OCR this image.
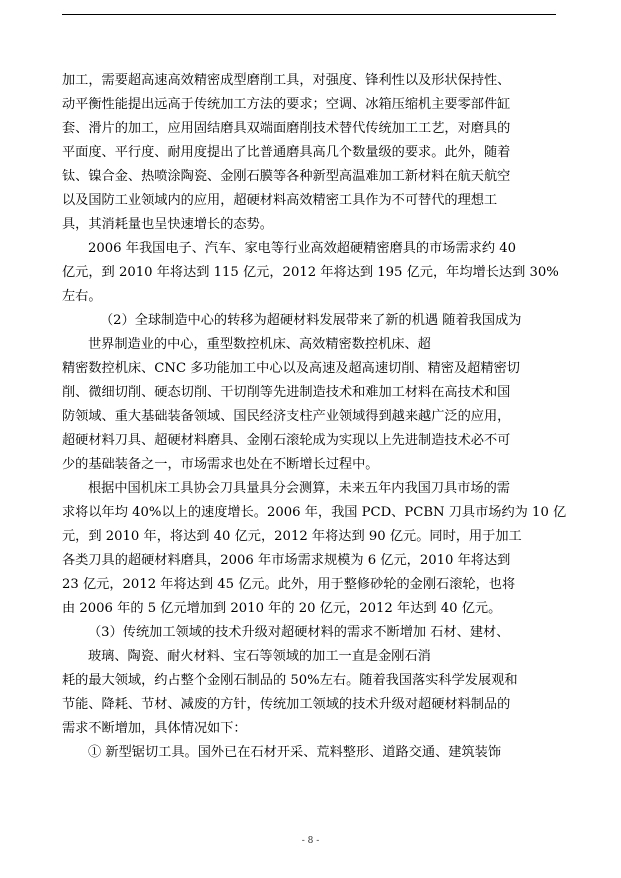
加工，需要超高速高效精密成型磨削工具，对强度、锋利性以及形状保持性、
动平衡性能提出远高于传统加工方法的要求；空调、冰箱压缩机主要零部件缸
套、滑片的加工，应用固结磨具双端面磨削技术替代传统加工工艺，对磨具的
平面度、平行度、耐用度提出了比普通磨具高几个数量级的要求。此外，随着
钛、镍合金、热喷涂陶瓷、金刚石膜等各种新型高温难加工新材料在航天航空
以及国防工业领域内的应用，超硬材料高效精密工具作为不可替代的理想工
具，其消耗量也呈快速增长的态势。
2006 年我国电子、汽车、家电等行业高效超硬精密磨具的市场需求约 40
亿元，到 2010 年将达到 115 亿元，2012 年将达到 195 亿元，年均增长达到 30%
左右。
（2）全球制造中心的转移为超硬材料发展带来了新的机遇 随着我国成为
世界制造业的中心，重型数控机床、高效精密数控机床、超
精密数控机床、CNC 多功能加工中心以及高速及超高速切削、精密及超精密切
削、微细切削、硬态切削、干切削等先进制造技术和难加工材料在高技术和国
防领域、重大基础装备领域、国民经济支柱产业领域得到越来越广泛的应用，
超硬材料刀具、超硬材料磨具、金刚石滚轮成为实现以上先进制造技术必不可
少的基础装备之一，市场需求也处在不断增长过程中。
根据中国机床工具协会刀具量具分会测算，未来五年内我国刀具市场的需
求将以年均 40%以上的速度增长。2006 年，我国 PCD、PCBN 刀具市场约为 10 亿
元，到 2010 年，将达到 40 亿元，2012 年将达到 90 亿元。同时，用于加工
各类刀具的超硬材料磨具，2006 年市场需求规模为 6 亿元，2010 年将达到
23 亿元，2012 年将达到 45 亿元。此外，用于整修砂轮的金刚石滚轮，也将
由 2006 年的 5 亿元增加到 2010 年的 20 亿元，2012 年达到 40 亿元。
（3）传统加工领域的技术升级对超硬材料的需求不断增加 石材、建材、
玻璃、陶瓷、耐火材料、宝石等领域的加工一直是金刚石消
耗的最大领域，约占整个金刚石制品的 50%左右。随着我国落实科学发展观和
节能、降耗、节材、减废的方针，传统加工领域的技术升级对超硬材料制品的
需求不断增加，具体情况如下：
① 新型锯切工具。国外已在石材开采、荒料整形、道路交通、建筑装饰
- 8 -
